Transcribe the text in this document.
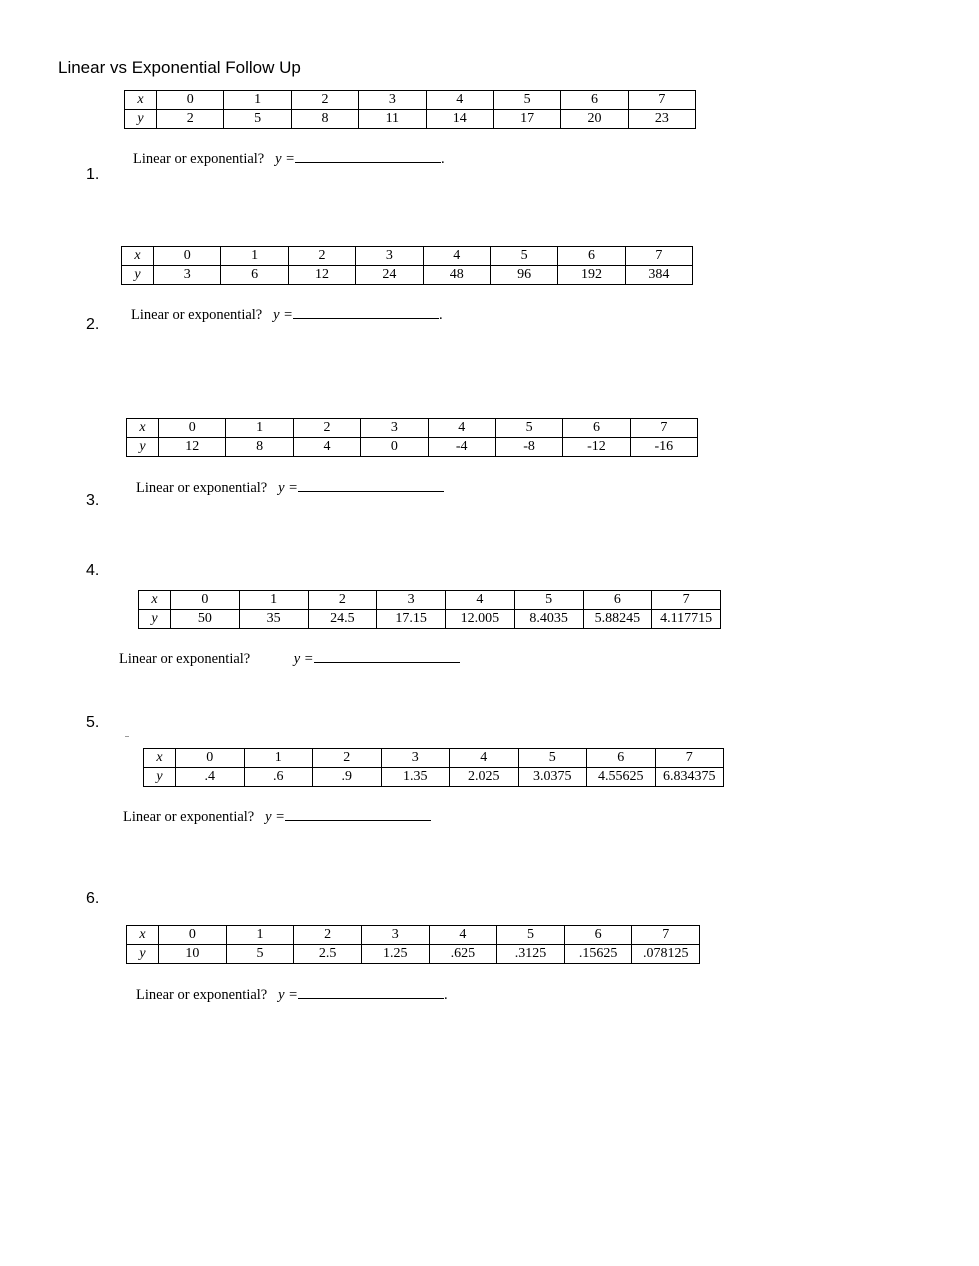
Linear vs Exponential Follow Up
x	0	1	2	3	4	5	6	7
y	2	5	8	11	14	17	20	23
1.
Linear or exponential? y =	.
x	0	1	2	3	4	5	6	7
y	3	6	12	24	48	96	192	384
2.
Linear or exponential? y =	.
x	0	1	2	3	4	5	6	7
y	12	8	4	0	-4	-8	-12	-16
3.
Linear or exponential? y =
4.
x	0	1	2	3	4	5	6	7
y	50	35	24.5	17.15	12.005	8.4035	5.88245	4.117715
Linear or exponential?	y =
5.
x	0	1	2	3	4	5	6	7
y	.4	.6	.9	1.35	2.025	3.0375	4.55625	6.834375
Linear or exponential? y =
6.
x	0	1	2	3	4	5	6	7
y	10	5	2.5	1.25	.625	.3125	.15625	.078125
Linear or exponential? y =	.
